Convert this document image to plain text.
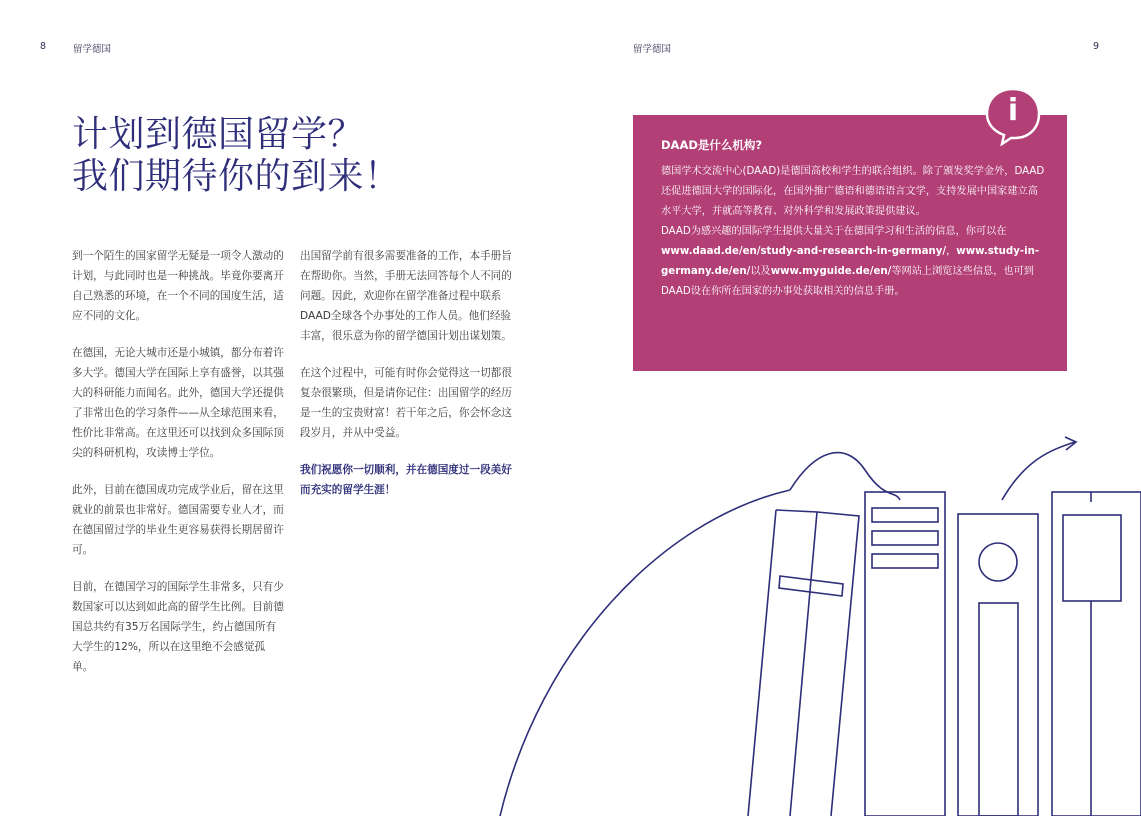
8	留学德国	留学德国	9
计划到德国留学？
我们期待你的到来！

到一个陌生的国家留学无疑是一项令人激动的计划，与此同时也是一种挑战。毕竟你要离开自己熟悉的环境，在一个不同的国度生活，适应不同的文化。

在德国，无论大城市还是小城镇，都分布着许多大学。德国大学在国际上享有盛誉，以其强大的科研能力而闻名。此外，德国大学还提供了非常出色的学习条件——从全球范围来看，性价比非常高。在这里还可以找到众多国际顶尖的科研机构，攻读博士学位。

此外，目前在德国成功完成学业后，留在这里就业的前景也非常好。德国需要专业人才，而在德国留过学的毕业生更容易获得长期居留许可。

目前，在德国学习的国际学生非常多，只有少数国家可以达到如此高的留学生比例。目前德国总共约有35万名国际学生，约占德国所有大学生的12%，所以在这里绝不会感觉孤单。

出国留学前有很多需要准备的工作，本手册旨在帮助你。当然，手册无法回答每个人不同的问题。因此，欢迎你在留学准备过程中联系DAAD全球各个办事处的工作人员。他们经验丰富，很乐意为你的留学德国计划出谋划策。

在这个过程中，可能有时你会觉得这一切都很复杂很繁琐，但是请你记住：出国留学的经历是一生的宝贵财富！若干年之后，你会怀念这段岁月，并从中受益。

我们祝愿你一切顺利，并在德国度过一段美好而充实的留学生涯！

DAAD是什么机构?

德国学术交流中心(DAAD)是德国高校和学生的联合组织。除了颁发奖学金外，DAAD还促进德国大学的国际化，在国外推广德语和德语语言文学，支持发展中国家建立高水平大学，并就高等教育、对外科学和发展政策提供建议。

DAAD为感兴趣的国际学生提供大量关于在德国学习和生活的信息，你可以在www.daad.de/en/study-and-research-in-germany/，www.study-in-germany.de/en/以及www.myguide.de/en/等网站上浏览这些信息，也可到DAAD设在你所在国家的办事处获取相关的信息手册。

i
